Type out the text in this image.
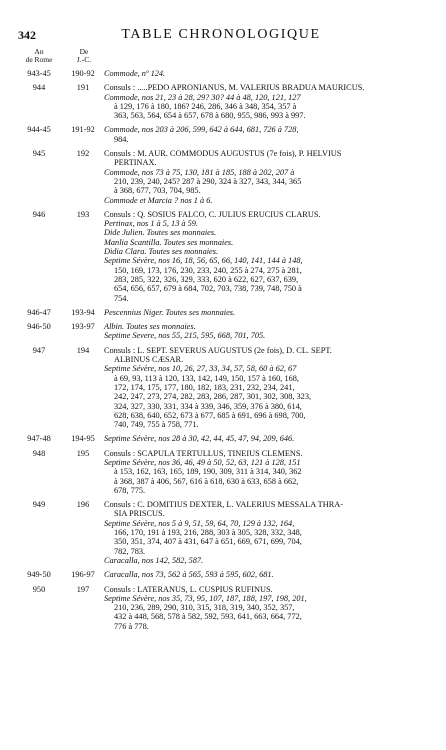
342	TABLE CHRONOLOGIQUE
An
de Rome
De
J.-C.
943-45	190-92	Commode, nº 124.
944	191	Consuls : .....PEDO APRONIANUS, M. VALERIUS BRADUA MAURICUS.
Commode, nos 21, 23 à 28, 29? 30? 44 à 48, 120, 121, 127
à 129, 176 à 180, 186? 246, 286, 346 à 348, 354, 357 à
363, 563, 564, 654 à 657, 678 à 680, 955, 986, 993 à 997.
944-45	191-92	Commode, nos 203 à 206, 599, 642 à 644, 681, 726 à 728,
984.
945	192	Consuls : M. AUR. COMMODUS AUGUSTUS (7e fois), P. HELVIUS
PERTINAX.
Commode, nos 73 à 75, 130, 181 à 185, 188 à 202, 207 à
210, 239, 240, 245? 287 à 290, 324 à 327, 343, 344, 365
à 368, 677, 703, 704, 985.
Commode et Marcia ? nos 1 à 6.
946	193	Consuls : Q. SOSIUS FALCO, C. JULIUS ERUCIUS CLARUS.
Pertinax, nos 1 à 5, 13 à 59.
Dide Julien. Toutes ses monnaies.
Manlia Scantilla. Toutes ses monnaies.
Didia Clara. Toutes ses monnaies.
Septime Sévère, nos 16, 18, 56, 65, 66, 140, 141, 144 à 148,
150, 169, 173, 176, 230, 233, 240, 255 à 274, 275 à 281,
283, 285, 322, 326, 329, 333, 620 à 622, 627, 637, 639,
654, 656, 657, 679 à 684, 702, 703, 738, 739, 748, 750 à
754.
946-47	193-94	Pescennius Niger. Toutes ses monnaies.
946-50	193-97	Albin. Toutes ses monnaies.
Septime Severe, nos 55, 215, 595, 668, 701, 705.
947	194	Consuls : L. SEPT. SEVERUS AUGUSTUS (2e fois), D. CL. SEPT.
ALBINUS CÆSAR.
Septime Sévère, nos 10, 26, 27, 33, 34, 57, 58, 60 à 62, 67
à 69, 93, 113 à 120, 133, 142, 149, 150, 157 à 160, 168,
172, 174, 175, 177, 180, 182, 183, 231, 232, 234, 241,
242, 247, 273, 274, 282, 283, 286, 287, 301, 302, 308, 323,
324, 327, 330, 331, 334 à 339, 346, 359, 376 à 380, 614,
628, 638, 640, 652, 673 à 677, 685 à 691, 696 à 698, 700,
740, 749, 755 à 758, 771.
947-48	194-95	Septime Sévère, nos 28 à 30, 42, 44, 45, 47, 94, 209, 646.
948	195	Consuls : SCAPULA TERTULLUS, TINEIUS CLEMENS.
Septime Sévère, nos 36, 46, 49 à 50, 52, 63, 121 à 128, 151
à 153, 162, 163, 165, 189, 190, 309, 311 à 314, 340, 362
à 368, 387 à 406, 567, 616 à 618, 630 à 633, 658 à 662,
678, 775.
949	196	Consuls : C. DOMITIUS DEXTER, L. VALERIUS MESSALA THRA-
SIA PRISCUS.
Septime Sévère, nos 5 à 9, 51, 59, 64, 70, 129 à 132, 164,
166, 170, 191 à 193, 216, 288, 303 à 305, 328, 332, 348,
350, 351, 374, 407 à 431, 647 à 651, 669, 671, 699, 704,
782, 783.
Caracalla, nos 142, 582, 587.
949-50	196-97	Caracalla, nos 73, 562 à 565, 593 à 595, 602, 681.
950	197	Consuls : LATERANUS, L. CUSPIUS RUFINUS.
Septime Sévère, nos 35, 73, 95, 107, 187, 188, 197, 198, 201,
210, 236, 289, 290, 310, 315, 318, 319, 340, 352, 357,
432 à 448, 568, 578 à 582, 592, 593, 641, 663, 664, 772,
776 à 778.
